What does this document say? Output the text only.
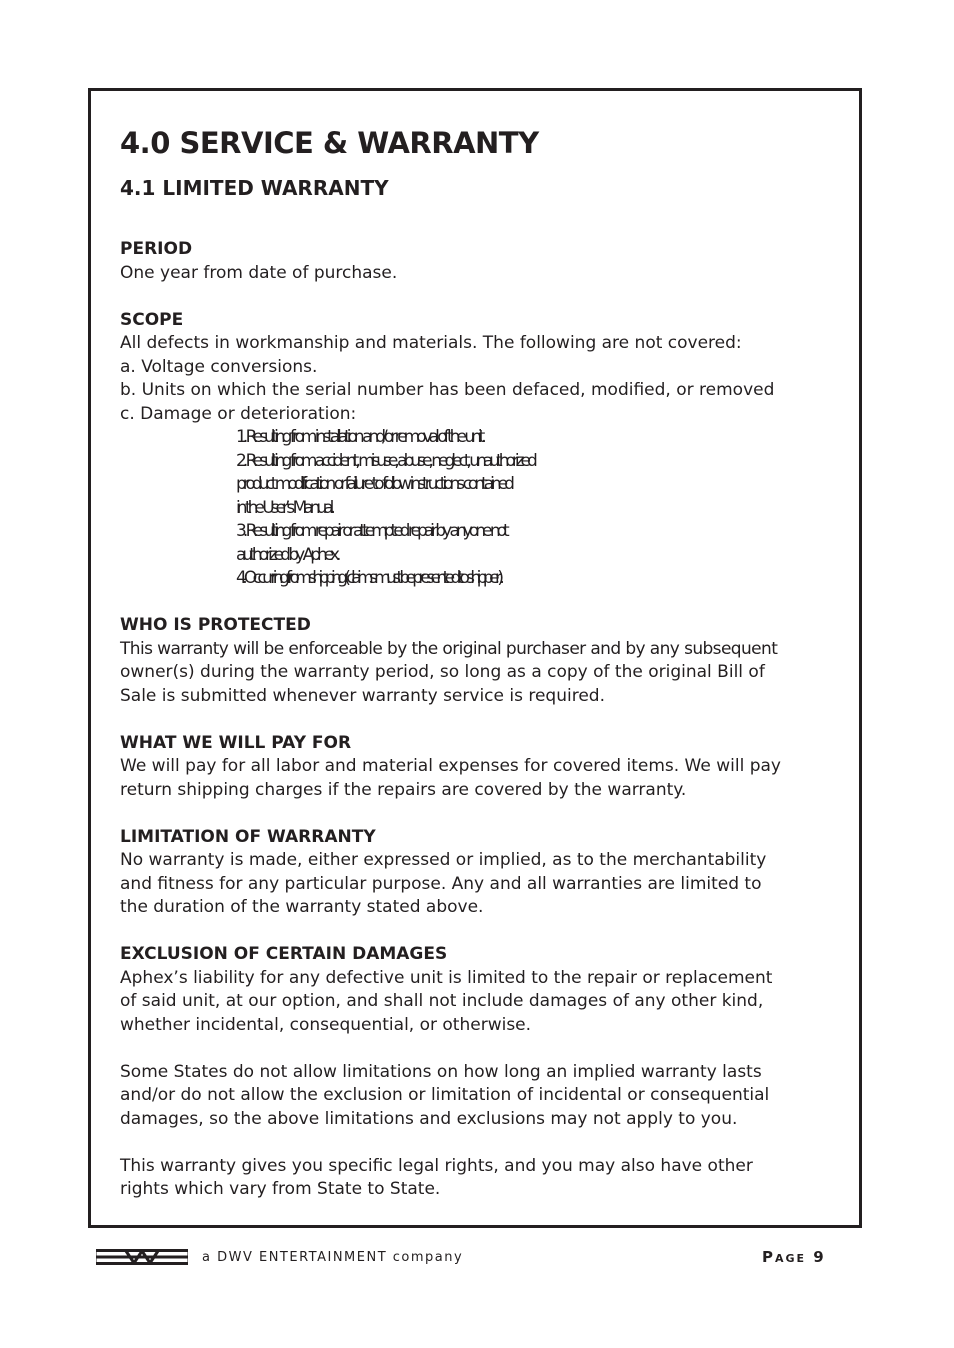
4.0 SERVICE & WARRANTY
4.1 LIMITED WARRANTY

PERIOD

One year from date of purchase.

SCOPE

All defects in workmanship and materials. The following are not covered:

a. Voltage conversions.

b. Units on which the serial number has been defaced, modified, or removed

c. Damage or deterioration:

1. Resulting from installation and/or removal of the unit.

2. Resulting from accident, misuse, abuse, neglect, unauthorized

product modification or failure to follow instructions contained

in the User’s Manual.

3. Resulting from repair or attempted repair by anyone not

authorized by Aphex.

4. Occurring from shipping (claims must be presented to shipper).

WHO IS PROTECTED

This warranty will be enforceable by the original purchaser and by any subsequent

owner(s) during the warranty period, so long as a copy of the original Bill of

Sale is submitted whenever warranty service is required.

WHAT WE WILL PAY FOR

We will pay for all labor and material expenses for covered items. We will pay

return shipping charges if the repairs are covered by the warranty.

LIMITATION OF WARRANTY

No warranty is made, either expressed or implied, as to the merchantability

and fitness for any particular purpose. Any and all warranties are limited to

the duration of the warranty stated above.

EXCLUSION OF CERTAIN DAMAGES

Aphex’s liability for any defective unit is limited to the repair or replacement

of said unit, at our option, and shall not include damages of any other kind,

whether incidental, consequential, or otherwise.

Some States do not allow limitations on how long an implied warranty lasts

and/or do not allow the exclusion or limitation of incidental or consequential

damages, so the above limitations and exclusions may not apply to you.

This warranty gives you specific legal rights, and you may also have other

rights which vary from State to State.

a DWV ENTERTAINMENT company	Page 9
